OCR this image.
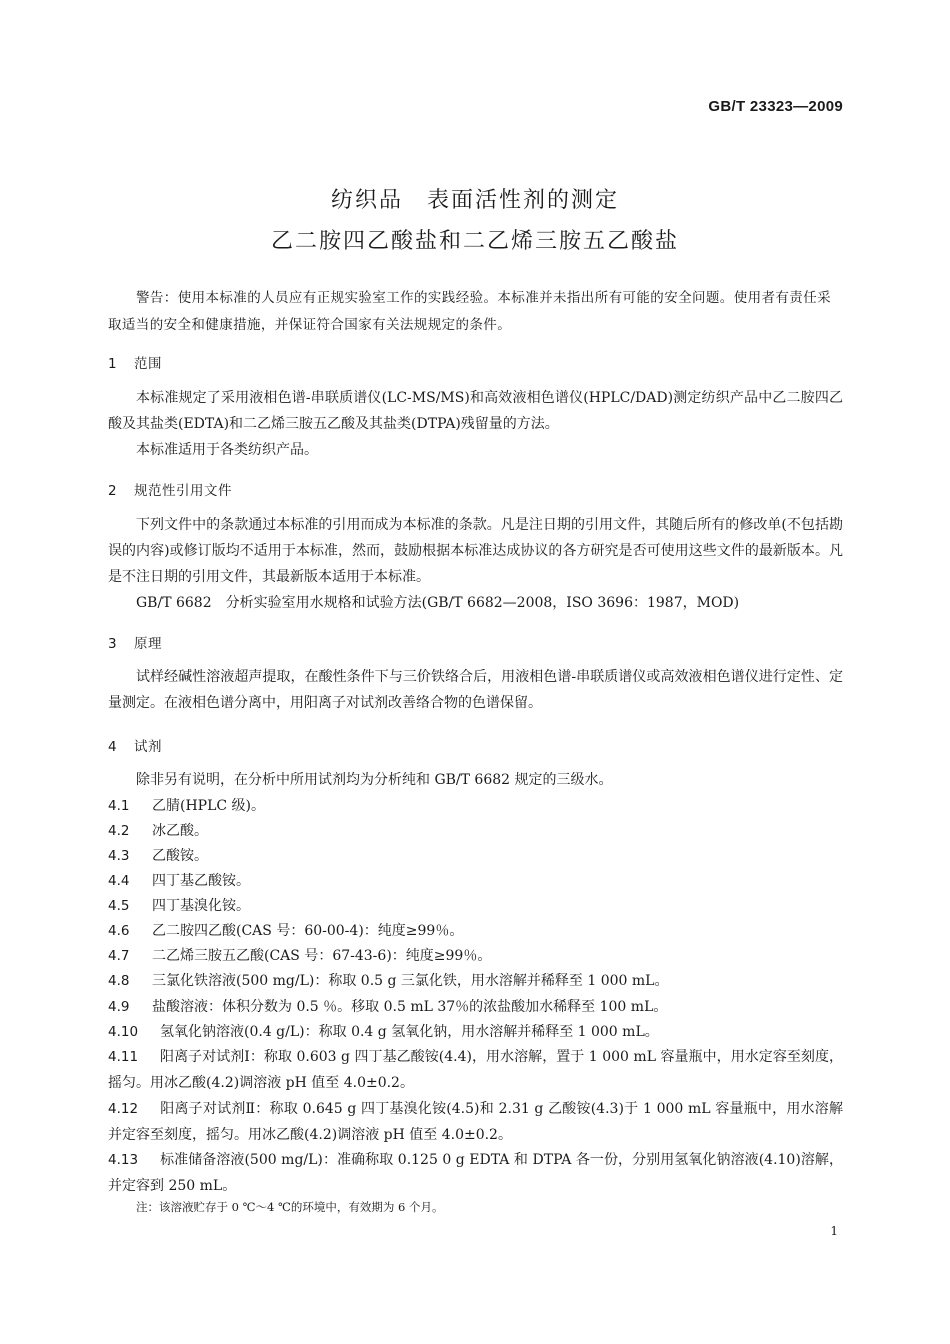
GB/T 23323—2009
纺织品　表面活性剂的测定
乙二胺四乙酸盐和二乙烯三胺五乙酸盐

警告：使用本标准的人员应有正规实验室工作的实践经验。本标准并未指出所有可能的安全问题。使用者有责任采取适当的安全和健康措施，并保证符合国家有关法规规定的条件。

1 范围

本标准规定了采用液相色谱-串联质谱仪(LC-MS/MS)和高效液相色谱仪(HPLC/DAD)测定纺织产品中乙二胺四乙酸及其盐类(EDTA)和二乙烯三胺五乙酸及其盐类(DTPA)残留量的方法。

本标准适用于各类纺织产品。

2 规范性引用文件

下列文件中的条款通过本标准的引用而成为本标准的条款。凡是注日期的引用文件，其随后所有的修改单(不包括勘误的内容)或修订版均不适用于本标准，然而，鼓励根据本标准达成协议的各方研究是否可使用这些文件的最新版本。凡是不注日期的引用文件，其最新版本适用于本标准。

GB/T 6682　分析实验室用水规格和试验方法(GB/T 6682—2008，ISO 3696：1987，MOD)

3 原理

试样经碱性溶液超声提取，在酸性条件下与三价铁络合后，用液相色谱-串联质谱仪或高效液相色谱仪进行定性、定量测定。在液相色谱分离中，用阳离子对试剂改善络合物的色谱保留。

4 试剂

除非另有说明，在分析中所用试剂均为分析纯和 GB/T 6682 规定的三级水。

4.1 乙腈(HPLC 级)。
4.2 冰乙酸。
4.3 乙酸铵。
4.4 四丁基乙酸铵。
4.5 四丁基溴化铵。
4.6 乙二胺四乙酸(CAS 号：60-00-4)：纯度≥99％。
4.7 二乙烯三胺五乙酸(CAS 号：67-43-6)：纯度≥99％。
4.8 三氯化铁溶液(500 mg/L)：称取 0.5 g 三氯化铁，用水溶解并稀释至 1 000 mL。
4.9 盐酸溶液：体积分数为 0.5 ％。移取 0.5 mL 37％的浓盐酸加水稀释至 100 mL。
4.10 氢氧化钠溶液(0.4 g/L)：称取 0.4 g 氢氧化钠，用水溶解并稀释至 1 000 mL。

4.11 阳离子对试剂Ⅰ：称取 0.603 g 四丁基乙酸铵(4.4)，用水溶解，置于 1 000 mL 容量瓶中，用水定容至刻度，摇匀。用冰乙酸(4.2)调溶液 pH 值至 4.0±0.2。

4.12 阳离子对试剂Ⅱ：称取 0.645 g 四丁基溴化铵(4.5)和 2.31 g 乙酸铵(4.3)于 1 000 mL 容量瓶中，用水溶解并定容至刻度，摇匀。用冰乙酸(4.2)调溶液 pH 值至 4.0±0.2。

4.13 标准储备溶液(500 mg/L)：准确称取 0.125 0 g EDTA 和 DTPA 各一份，分别用氢氧化钠溶液(4.10)溶解，并定容到 250 mL。

注：该溶液贮存于 0 ℃～4 ℃的环境中，有效期为 6 个月。
1
